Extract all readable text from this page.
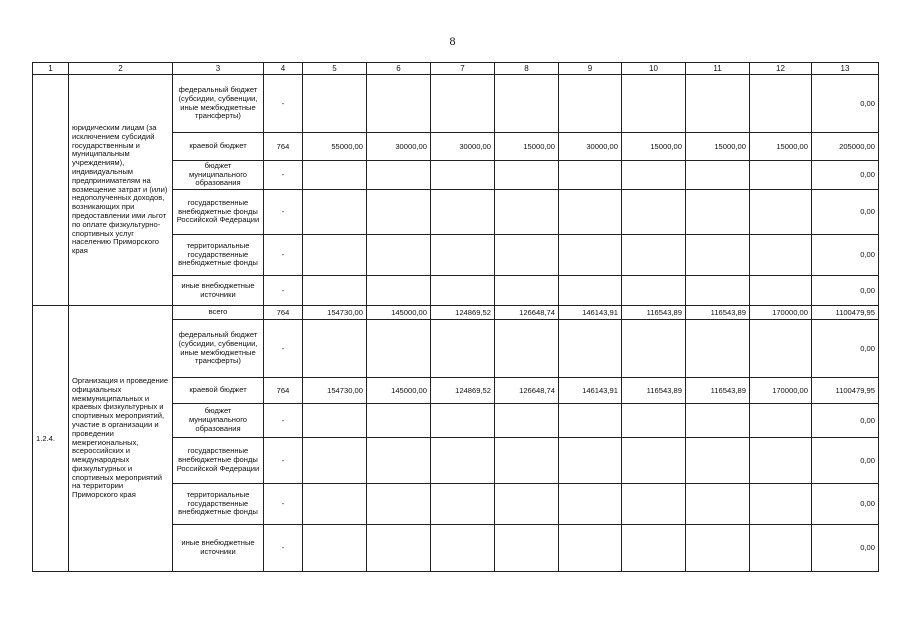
8
1	2	3	4	5	6	7	8	9	10	11	12	13
	юридическим лицам (за исключением субсидий государственным и муниципальным учреждениям), индивидуальным предпринимателям на возмещение затрат и (или) недополученных доходов, возникающих при предоставлении ими льгот по оплате физкультурно-спортивных услуг населению Приморского края	федеральный бюджет (субсидии, субвенции, иные межбюджетные трансферты)	-									0,00
		краевой бюджет	764	55000,00	30000,00	30000,00	15000,00	30000,00	15000,00	15000,00	15000,00	205000,00
		бюджет муниципального образования	-									0,00
		государственные внебюджетные фонды Российской Федерации	-									0,00
		территориальные государственные внебюджетные фонды	-									0,00
		иные внебюджетные источники	-									0,00
1.2.4.	Организация и проведение официальных межмуниципальных и краевых физкультурных и спортивных мероприятий, участие в организации и проведении межрегиональных, всероссийских и международных физкультурных и спортивных мероприятий на территории Приморского края	всего	764	154730,00	145000,00	124869,52	126648,74	146143,91	116543,89	116543,89	170000,00	1100479,95
		федеральный бюджет (субсидии, субвенции, иные межбюджетные трансферты)	-									0,00
		краевой бюджет	764	154730,00	145000,00	124869,52	126648,74	146143,91	116543,89	116543,89	170000,00	1100479,95
		бюджет муниципального образования	-									0,00
		государственные внебюджетные фонды Российской Федерации	-									0,00
		территориальные государственные внебюджетные фонды	-									0,00
		иные внебюджетные источники	-									0,00
